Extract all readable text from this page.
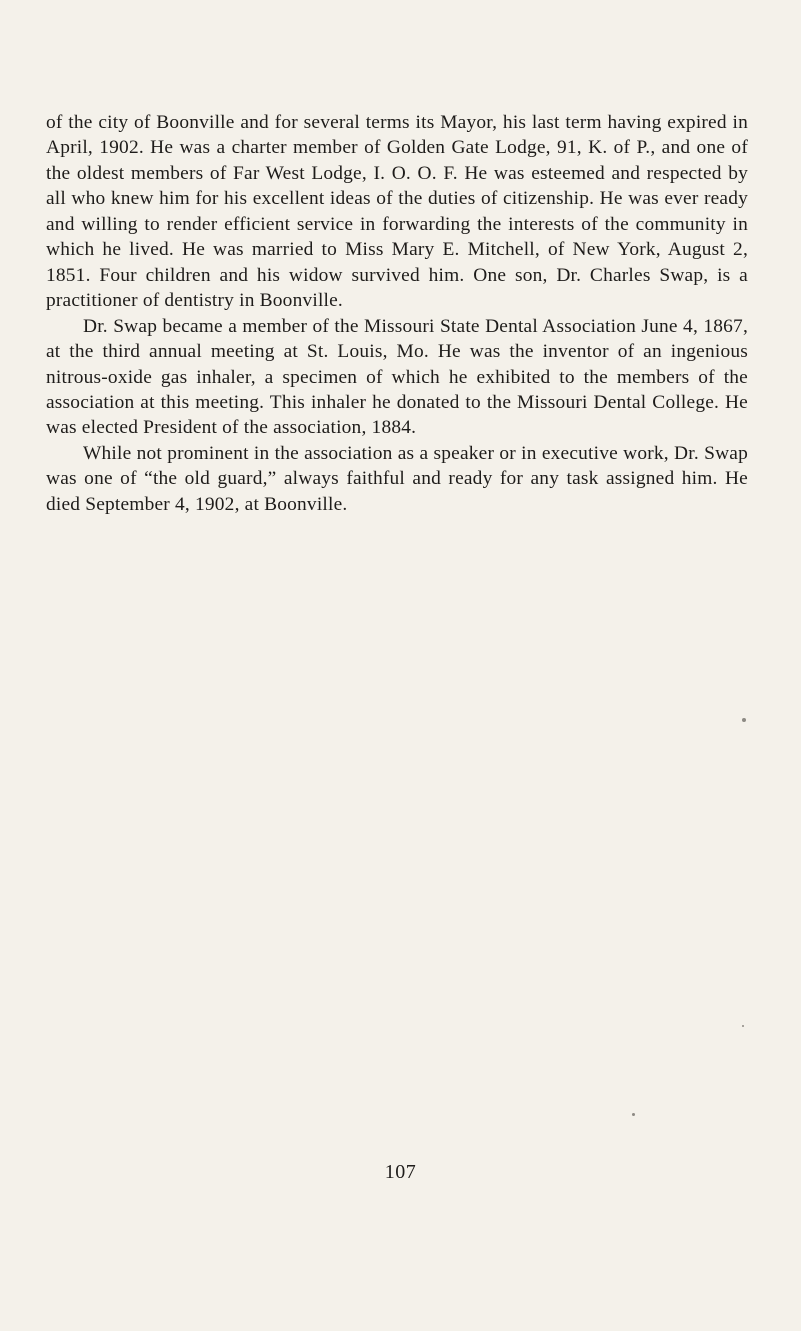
of the city of Boonville and for several terms its Mayor, his last term having expired in April, 1902. He was a charter member of Golden Gate Lodge, 91, K. of P., and one of the oldest members of Far West Lodge, I. O. O. F. He was esteemed and respected by all who knew him for his excellent ideas of the duties of citizenship. He was ever ready and willing to render efficient service in forwarding the interests of the community in which he lived. He was married to Miss Mary E. Mitchell, of New York, August 2, 1851. Four children and his widow survived him. One son, Dr. Charles Swap, is a practitioner of dentistry in Boonville.

Dr. Swap became a member of the Missouri State Dental Association June 4, 1867, at the third annual meeting at St. Louis, Mo. He was the inventor of an ingenious nitrous-oxide gas inhaler, a specimen of which he exhibited to the members of the association at this meeting. This inhaler he donated to the Missouri Dental College. He was elected President of the association, 1884.

While not prominent in the association as a speaker or in executive work, Dr. Swap was one of “the old guard,” always faithful and ready for any task assigned him. He died September 4, 1902, at Boonville.

107
